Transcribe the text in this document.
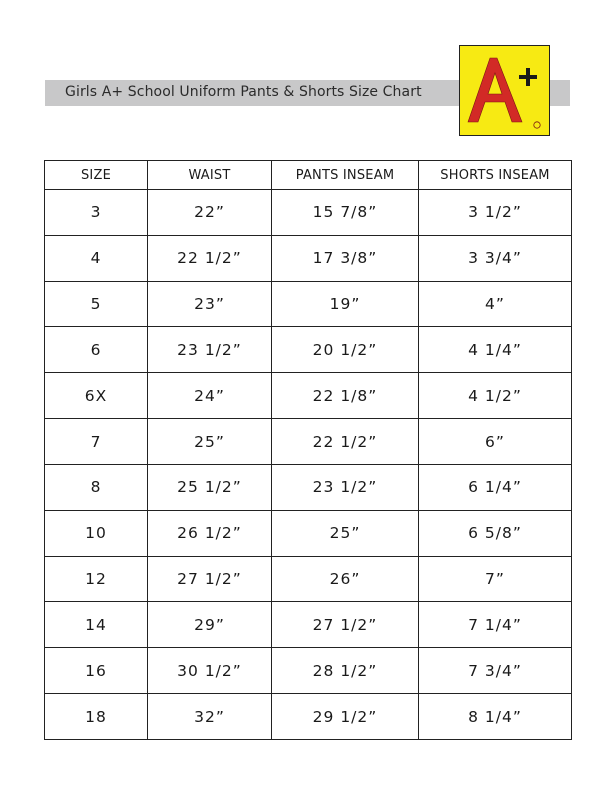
Girls A+ School Uniform Pants & Shorts Size Chart
SIZE	WAIST	PANTS INSEAM	SHORTS INSEAM
3	22”	15 7/8”	3 1/2”
4	22 1/2”	17 3/8”	3 3/4”
5	23”	19”	4”
6	23 1/2”	20 1/2”	4 1/4”
6X	24”	22 1/8”	4 1/2”
7	25”	22 1/2”	6”
8	25 1/2”	23 1/2”	6 1/4”
10	26 1/2”	25”	6 5/8”
12	27 1/2”	26”	7”
14	29”	27 1/2”	7 1/4”
16	30 1/2”	28 1/2”	7 3/4”
18	32”	29 1/2”	8 1/4”
